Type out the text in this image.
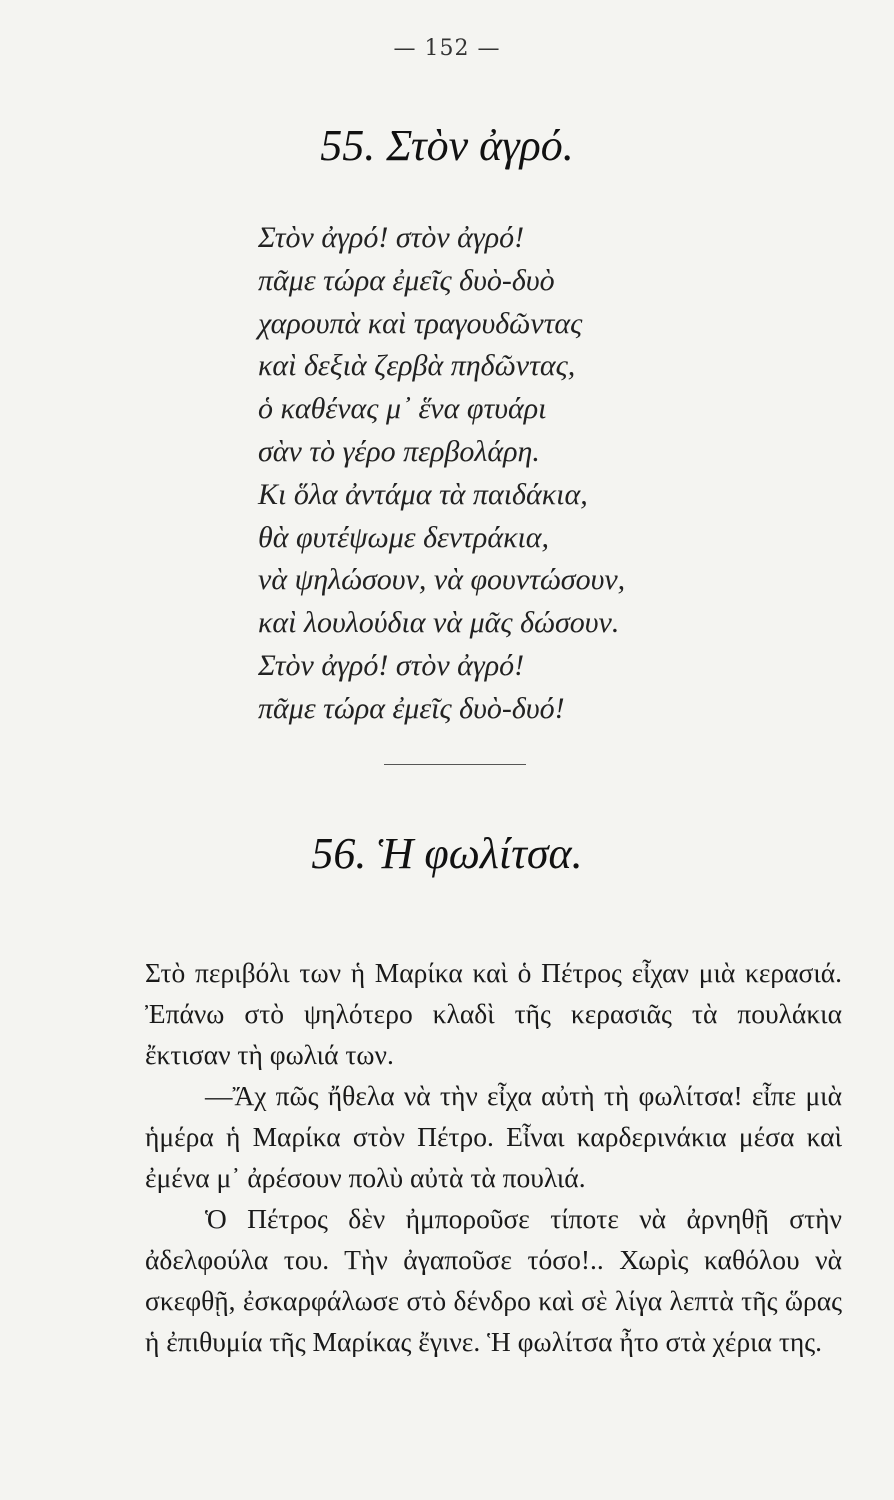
— 152 —
55. Στὸν ἀγρό.
Στὸν ἀγρό! στὸν ἀγρό!
πᾶμε τώρα ἐμεῖς δυὸ-δυὸ
χαρουπὰ καὶ τραγουδῶντας
καὶ δεξιὰ ζερβὰ πηδῶντας,
ὁ καθένας μ᾽ ἕνα φτυάρι
σὰν τὸ γέρο περβολάρη.
Κι ὅλα ἀντάμα τὰ παιδάκια,
θὰ φυτέψωμε δεντράκια,
νὰ ψηλώσουν, νὰ φουντώσουν,
καὶ λουλούδια νὰ μᾶς δώσουν.
Στὸν ἀγρό! στὸν ἀγρό!
πᾶμε τώρα ἐμεῖς δυὸ-δυό!
56. Ἡ φωλίτσα.

Στὸ περιβόλι των ἡ Μαρίκα καὶ ὁ Πέτρος εἶχαν μιὰ κερασιά. Ἐπάνω στὸ ψηλότερο κλαδὶ τῆς κερασιᾶς τὰ πουλάκια ἔκτισαν τὴ φωλιά των.

—Ἄχ πῶς ἤθελα νὰ τὴν εἶχα αὐτὴ τὴ φωλίτσα! εἶπε μιὰ ἡμέρα ἡ Μαρίκα στὸν Πέτρο. Εἶναι καρδερινάκια μέσα καὶ ἐμένα μ᾽ ἀρέσουν πολὺ αὐτὰ τὰ πουλιά.

Ὁ Πέτρος δὲν ἠμποροῦσε τίποτε νὰ ἀρνηθῇ στὴν ἀδελφούλα του. Τὴν ἀγαποῦσε τόσο!.. Χωρὶς καθόλου νὰ σκεφθῇ, ἐσκαρφάλωσε στὸ δένδρο καὶ σὲ λίγα λεπτὰ τῆς ὥρας ἡ ἐπιθυμία τῆς Μαρίκας ἔγινε. Ἡ φωλίτσα ἦτο στὰ χέρια της.
